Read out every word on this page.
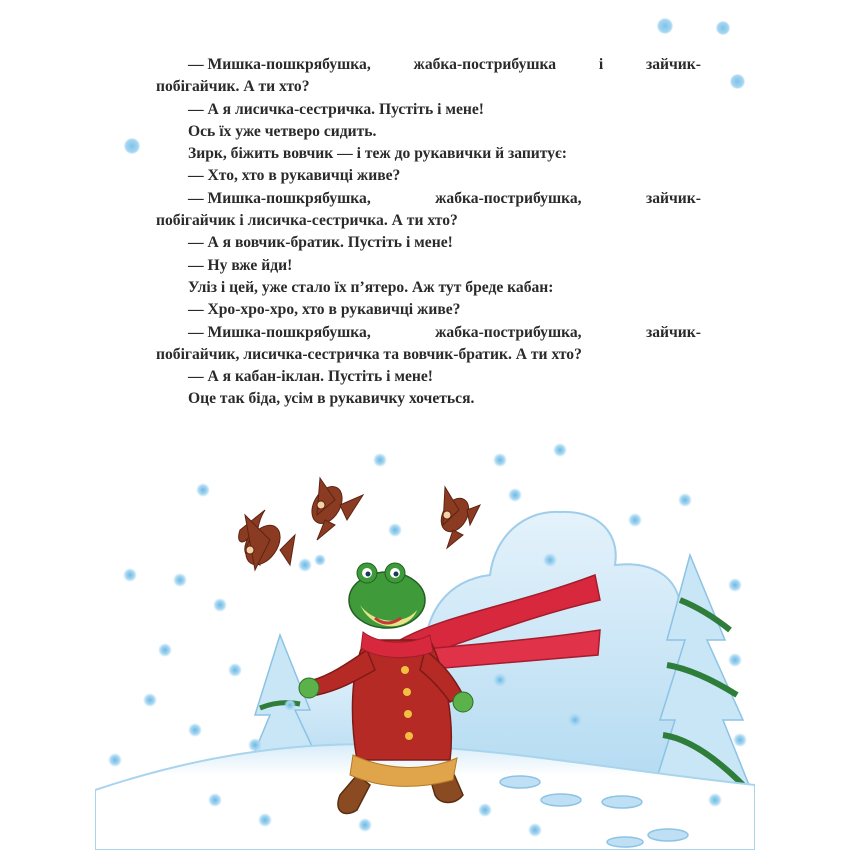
— Мишка-пошкрябушка,	жабка-пострибушка	і	зайчик-
побігайчик. А ти хто?
— А я лисичка-сестричка. Пустіть і мене!
Ось їх уже четверо сидить.
Зирк, біжить вовчик — і теж до рукавички й запитує:
— Хто, хто в рукавичці живе?
— Мишка-пошкрябушка,	жабка-пострибушка,	зайчик-
побігайчик і лисичка-сестричка. А ти хто?
— А я вовчик-братик. Пустіть і мене!
— Ну вже йди!
Уліз і цей, уже стало їх п’ятеро. Аж тут бреде кабан:
— Хро-хро-хро, хто в рукавичці живе?
— Мишка-пошкрябушка,	жабка-пострибушка,	зайчик-
побігайчик, лисичка-сестричка та вовчик-братик. А ти хто?
— А я кабан-іклан. Пустіть і мене!
Оце так біда, усім в рукавичку хочеться.
